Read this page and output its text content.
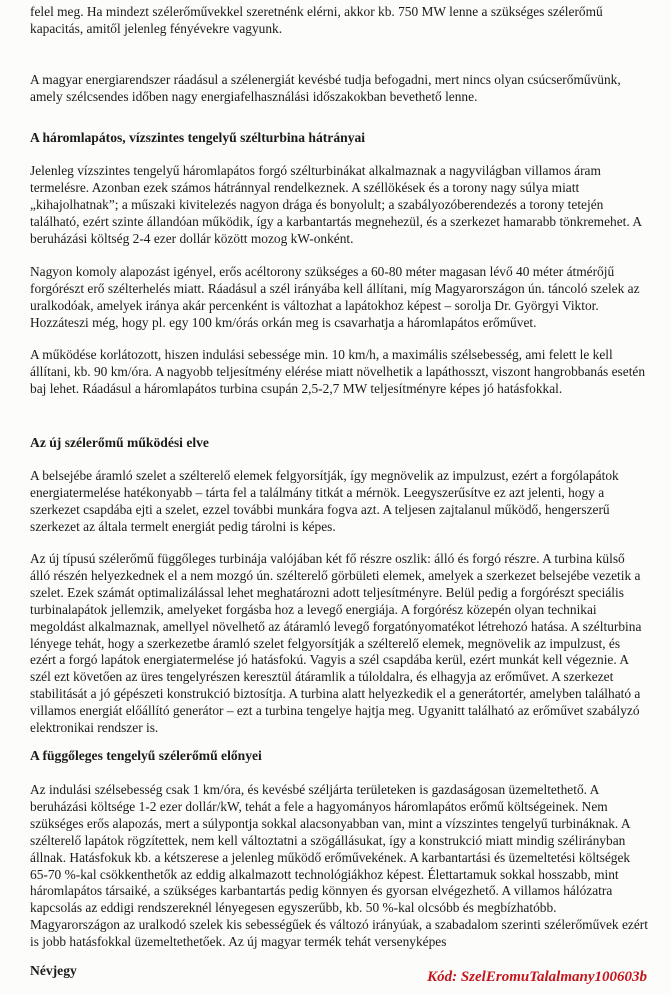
felel meg. Ha mindezt szélerőművekkel szeretnénk elérni, akkor kb. 750 MW lenne a szükséges szélerőmű kapacitás, amitől jelenleg fényévekre vagyunk.

A magyar energiarendszer ráadásul a szélenergiát kevésbé tudja befogadni, mert nincs olyan csúcserőművünk, amely szélcsendes időben nagy energiafelhasználási időszakokban bevethető lenne.

A háromlapátos, vízszintes tengelyű szélturbina hátrányai

Jelenleg vízszintes tengelyű háromlapátos forgó szélturbinákat alkalmaznak a nagyvilágban villamos áram termelésre. Azonban ezek számos hátránnyal rendelkeznek. A széllökések és a torony nagy súlya miatt „kihajolhatnak”; a műszaki kivitelezés nagyon drága és bonyolult; a szabályozóberendezés a torony tetején található, ezért szinte állandóan működik, így a karbantartás megnehezül, és a szerkezet hamarabb tönkremehet. A beruházási költség 2-4 ezer dollár között mozog kW-onként.

Nagyon komoly alapozást igényel, erős acéltorony szükséges a 60-80 méter magasan lévő 40 méter átmérőjű forgórészt erő szélterhelés miatt. Ráadásul a szél irányába kell állítani, míg Magyarországon ún. táncoló szelek az uralkodóak, amelyek iránya akár percenként is változhat a lapátokhoz képest – sorolja Dr. Györgyi Viktor. Hozzáteszi még, hogy pl. egy 100 km/órás orkán meg is csavarhatja a háromlapátos erőművet.

A működése korlátozott, hiszen indulási sebessége min. 10 km/h, a maximális szélsebesség, ami felett le kell állítani, kb. 90 km/óra. A nagyobb teljesítmény elérése miatt növelhetik a lapáthosszt, viszont hangrobbanás esetén baj lehet. Ráadásul a háromlapátos turbina csupán 2,5-2,7 MW teljesítményre képes jó hatásfokkal.

Az új szélerőmű működési elve

A belsejébe áramló szelet a szélterelő elemek felgyorsítják, így megnövelik az impulzust, ezért a forgólapátok energiatermelése hatékonyabb – tárta fel a találmány titkát a mérnök. Leegyszerűsítve ez azt jelenti, hogy a szerkezet csapdába ejti a szelet, ezzel további munkára fogva azt. A teljesen zajtalanul működő, hengerszerű szerkezet az általa termelt energiát pedig tárolni is képes.

Az új típusú szélerőmű függőleges turbinája valójában két fő részre oszlik: álló és forgó részre. A turbina külső álló részén helyezkednek el a nem mozgó ún. szélterelő görbületi elemek, amelyek a szerkezet belsejébe vezetik a szelet. Ezek számát optimalizálással lehet meghatározni adott teljesítményre. Belül pedig a forgórészt speciális turbinalapátok jellemzik, amelyeket forgásba hoz a levegő energiája. A forgórész közepén olyan technikai megoldást alkalmaznak, amellyel növelhető az átáramló levegő forgatónyomatékot létrehozó hatása. A szélturbina lényege tehát, hogy a szerkezetbe áramló szelet felgyorsítják a szélterelő elemek, megnövelik az impulzust, és ezért a forgó lapátok energiatermelése jó hatásfokú. Vagyis a szél csapdába kerül, ezért munkát kell végeznie. A szél ezt követően az üres tengelyrészen keresztül átáramlik a túloldalra, és elhagyja az erőművet. A szerkezet stabilitását a jó gépészeti konstrukció biztosítja. A turbina alatt helyezkedik el a generátortér, amelyben található a villamos energiát előállító generátor – ezt a turbina tengelye hajtja meg. Ugyanitt található az erőművet szabályzó elektronikai rendszer is.

A függőleges tengelyű szélerőmű előnyei

Az indulási szélsebesség csak 1 km/óra, és kevésbé széljárta területeken is gazdaságosan üzemeltethető. A beruházási költsége 1-2 ezer dollár/kW, tehát a fele a hagyományos háromlapátos erőmű költségeinek. Nem szükséges erős alapozás, mert a súlypontja sokkal alacsonyabban van, mint a vízszintes tengelyű turbináknak. A szélterelő lapátok rögzítettek, nem kell változtatni a szögállásukat, így a konstrukció miatt mindig szélirányban állnak. Hatásfokuk kb. a kétszerese a jelenleg működő erőművekének. A karbantartási és üzemeltetési költségek 65-70 %-kal csökkenthetők az eddig alkalmazott technológiákhoz képest. Élettartamuk sokkal hosszabb, mint háromlapátos társaiké, a szükséges karbantartás pedig könnyen és gyorsan elvégezhető. A villamos hálózatra kapcsolás az eddigi rendszereknél lényegesen egyszerűbb, kb. 50 %-kal olcsóbb és megbízhatóbb. Magyarországon az uralkodó szelek kis sebességűek és változó irányúak, a szabadalom szerinti szélerőművek ezért is jobb hatásfokkal üzemeltethetőek. Az új magyar termék tehát versenyképes

Névjegy	Kód: SzelEromuTalalmany100603b
